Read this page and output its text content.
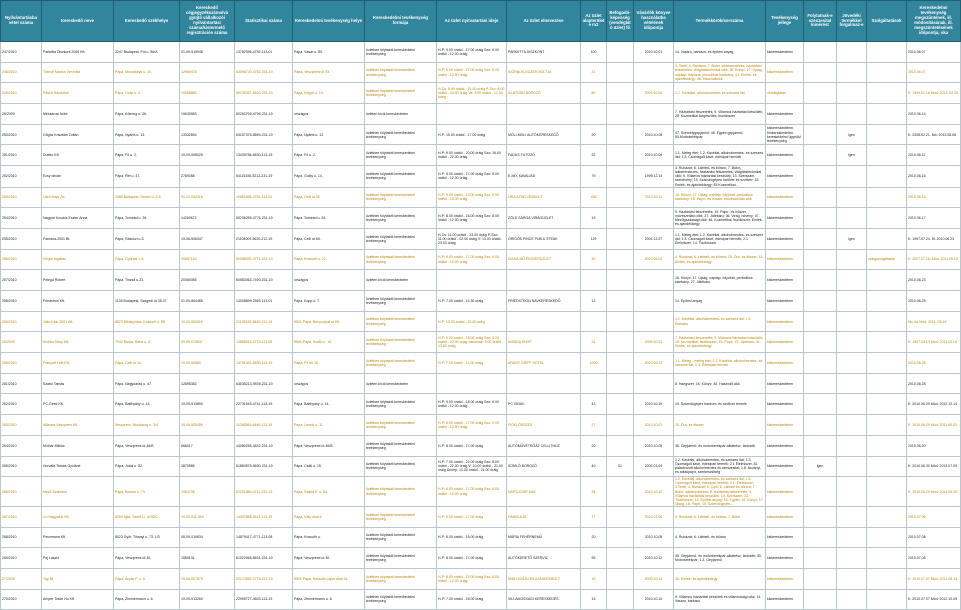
Nyilvántartásba vétel száma	Kereskedő neve	Kereskedő székhelye	Kereskedő cégjegyzékszáma/vá gyüjtő vállalkozói nyilvántartási száma/kistermelő regisztrációs száma	Statisztikai száma	Kereskedelmi tevékenység helye	Kereskedelmi tevékenység formája	Az üzlet nyitvatartási ideje	Az üzlet elnevezése	Az üzlet alapterülete m2	Befogadó-képesség (vendéglátó üzlet) fő	Vásárlók könyve használatba vételének időpontja	Termékkörök/sorszáma	Tevékenység jellege	Folytatnak-e szeszesital kimérést	Jövedéki termékkel forgalmaz-e	Szolgáltatások	Kereskedelmi tevékenység megszűntének, ill. módosításának, ill. megszüntetésének időpontja, oka
247/2010	Parketta Diszkont 2006 Kft.	3247 Budapest, Fót u. 56/A	01-09-915948	13782096-4752-113-01	Pápa, Vásár u. 80.	üzletben folytatott kereskedelmi tevékenység	H-P: 9.00 órától - 17.00 óráig Szo: 9.00 órától - 12.00 óráig	PARKETTA DISZKONT	100		2010.10.01	14. Vasáru, barkács, és építési anyag	kiskereskedelem				2010.06.07
248/2010	Tóthné Marton Veronika	Pápa, Mosoddnai u. 10.	12969478	63096720-4752-231-19	Pápa, Veszprémi út 53.	üzletben folytatott kereskedelmi tevékenység	H-P: 9.00 órától - 17.00 óráig Szo: 8.00 órától - 12.00 óráig	IDŐRBOX-EGZER BOLTJA	31			3. Textil; 4. Ruházat; 7. Bútor, lakberendezés, háztartási felszerelés, világítástechnikai cikk; 16. Könyv; 17. Újság, napilap, folyóirat, periodikus kiadvány; 41. Emlék- és ajándéktárgy; 46. Használtcikk	kiskereskedelem				2010.06.07
249/2010	Pásztr Sándorné	Pápa, Golic u. 4.	15066883	60235357-5630-231-19	Pápa, Kégyé u. 19.	üzletben folytatott kereskedelmi tevékenység	H-Cs: 8.00 órától - 21.00 óráig P-Szo: 8.00 órától - 24.00 óráig Va: 9.00 órától - 12.00 óráig	ILLATOSN BOROZÓ	80		2009.10.06	1.2. Közétkel, alkoholmentes- és szeszes ital	vendéglátás				K: 1999.01.16 Mód: 2012. 02.29
25/2009	Mészárosi Nóra	Pápa, Kőmíng u. 26.	19639983	60263709-4799-231-19	országos	üzleten kívül kereskedelem						7. Háztartási felszerelés; 9. Villamos háztartási készülék; 28. Kozmetikai kiegészítés, tisztítószer	kiskereskedelem				2010.06.14
250/2010	Gőgös Krisztián Zoltán	Pápa, Nyárfa u. 13.	13332894	63157376-8559-231-19	Pápa, Nyárfa u. 12.	üzletben folytatott kereskedelmi tevékenység	H-P: 15.00 órától - 17.00 óráig	MOLI-MOLI AUTÓKERESKEDŐ	20		2010.10.05	47. Személygépjármű; 48. Egyéb gépjármű; 50.Motorkerékpár;	kiskereskedelem, Kiskereskedelmi, kereskedelmi ügynöki tevékenység		igen		K: 2008.02.21. Mó: 2013.08.08
251/2010	Duetto Kft.	Pápa, Fő u. 2.	19-09-508025	13435756-5630-113-19	Pápa, Fő u. 2.	üzletben folytatott kereskedelmi tevékenység	H-P: 9.00 órától - 20.00 óráig Szo: 16.00 órától - 22.00 óráig	FADUS FILTOZÓ	32		2010.10.09	1.1. Meleg étel; 1.2. Kávéital, alkoholmentes- és szeszes ital; 1.3. Csomagolt kávé, édesipari termék	kiskereskedelem		igen		2010.06.11
252/2010	Ecsy István	Pápa, Rét u. 47.	2769058	54115156-5212-231-19	Pápa, Gulky u. 14.	üzletben folytatott kereskedelmi tevékenység	H-P: 9.00 órától - 17.00 óráig Szo: 8.00 órától - 12.00 óráig	E-MIX KAVALIÁD	79		1999.12.14	4. Ruházat; 6. Lábbeli- és bőráru; 7. Bútor, lakberendezés, háztartási felszerelés, világítástechnikai cikk; 9. Villamos háztartási készülék; 13. Szerszám, szerelvény; 19. Számítógépes hardver és szoftver; 43. Emlék- és ajándéktárgy; 45 Kozmetikai...	kiskereskedelem				2010.06.16
253/2010	Lila Könyv Zrt.	1086 Budapest, Deréki u. 4-8	01-10-042316	10851665-4761-114-01	Pápa, Celli út 35.	üzletben folytatott kereskedelmi tevékenység	H-P: 9.00 órától - 19.00 óráig Szo: 9.00 órától - 13.00 óráig	LÍRA KÖNYVESBOLT	436		2010.10.11	16. Könyv; 17. Újság, napilap, folyóirat, periodikus kiadvány; 18. Papír- és írószer, művészellátó cikk	kiskereskedelem				2010.06.16
254/2010	Nagyné Kovács Eszter Anna	Pápa, Tornetal u. 26.	14260672	65236259-4776-231-19	Pápa, Tornetal u. 26.	üzletben folytatott kereskedelmi tevékenység	H-P: 8.00 órától - 16.00 óráig Szo: 8.00 órától - 12.00 óráig	ZÖLD SÁRGA VIRÁGÜZLET	19			5. Háztartási felszerelés; 19. Papír- és írószer, művészellátó cikk; 27. Játékáru; 36. Virág, növény; 47. Mezőgazdasági cikk; 46. Kozmetikai, tisztítószer, Emlék- és ajándéktárgy	kiskereskedelem				2010.06.17
255/2010	Pamana-2001 Bt.	Pápa, Rákóczi u.3.	19-06-506347	21104009-5630-212-19	Pápa, Celli út 65.	üzletben folytatott kereskedelmi tevékenység	H-Cs: 11.00 órától - 23.00 óráig P-Szo: 11.00 órától - 02.00 óráig V: 13.00 órától - 23.00 óráig	ÓRIGÓS PINCE PUB & STEAK	129		2001.12.07	1.1. Meleg étel; 1.2. Kávéital, alkoholmentes- és szeszes ital; 1.3. Csomagolt kávé, édesipari termék; 2.1 Élelmiszer, 14. Tisztítószer	kiskereskedelem		igen		K: 1997.07.24. M: 2010.06.23
256/2010	Pelgal Ingatlan	Pápa, Győrfair u.5.	20657143	80098092-4771-231-19	Pápa, Kossuth u. 22.	üzletben folytatott kereskedelmi tevékenység	H-P: 9.00 órától - 17.00 óráig Szo: 9.00 órától - 12.00 óráig	DIANA MŰ ÉKSZERÜZLET	30		2010.06.02	4. Ruházat; 6. Lábbeli- és bőráru; 25. Óra- és ékszer; 41. Emlék- és ajándéktárgy	kiskereskedelem			zálogszolgáltatás	K: 2007.07.18. Mód: 2011.05.10
257/2010	Pelégó Róbert	Pápa, Tinzsa u.23.	20060085	60583063-7490-231-19	országos	üzleten kívül kereskedelem						16. Könyv; 17. Újság, napilap, folyóirat, periodikus kiadvány; 27. Játékáru	kiskereskedelem				2010.06.23
258/2010	Friedstron Kft.	1135 Budapest, Szegedi út 35-37	01-09-864485	14008899-2563-113-01	Pápa, Kopp u. 7.	üzletben folytatott kereskedelmi tevékenység	H-P: 7.00 órától - 14.30 óráig	FRIEDSTRON NAVKERESKEDŐ	12			14. Építési anyag	kiskereskedelem				2010.06.28
259/2010	Jákó Klub 2001 Kft.	8523 Mihályháza, Kossuth u. 86.	19-03-500516	21105195-5630-211-19	8531 Pápa, Bonyodpuli út 65.	üzletben folytatott kereskedelmi tevékenység	H-P: 10.00 órától - 22.00 óráig					1.2. Kávéital, alkoholmentes- és szeszes ital; 1.3. Édesáru	kiskereskedelem				Nu. da Mód: 2011. 05.19
26/2009	Andika Shop Kft.	7542 Bonta, Rába u. 5.	09-09-013637	14888516-4719-113-08	8500 Pápa, Szálló u. 15	üzletben folytatott kereskedelmi tevékenység	H-P: 9.00 órától - 18.00 óráig Szo: 9.00 órától - 20.00 óráig vasárnap: 9.00 órától - 13.00 óráig	ANDIKA SHOP	31		2009.10.01	7. Háztartási felszerelés; 9. Villamos háztartási készülék; 18. Kozmetikai, tisztítószer; 19. Papír; 27. Játékáru; 41. Emlék- és ajándéktárgy	kiskereskedelem				K: 1997.04.13 Mód: 2011.10.19
260/2010	Franyó8 Lele Kft.	Pápa, Celli út 34.	19-09-50889	13741452-8690-113-19	Pápa, Fő tér 15.	üzletben folytatott kereskedelmi tevékenység	H-P: 7.00 órától - 14.30 óráig	ARANY GRIFF HOTEL	1000		2010.06.22	1.1. Meleg - meleg étel; 1.2. Kávéital, alkoholmentes- és szeszes ital; 1.3. Édesipari termék	kiskereskedelem				2010.06.28
261/2010	Szabó Tamás	Pápa, Nagyoárad u. 47.	12895382	63035213-9539-231-19	országos	üzleten kívül kereskedelem						8. Hangszer; 16. Könyv; 40. Használt cikk	kiskereskedelem				2010.06.28
262/2010	PC-Geek Kft.	Pápa, Batthyány u. 14.	19-09-513890	22731943-4741-113-19	Pápa, Batthyány u. 14.	üzletben folytatott kereskedelmi tevékenység	H-P: 9.00 órától - 18.00 óráig Szo: 9.00 órától - 12.00 óráig	PC GEAK!	43		2010.10.19	19. Számítógépes hardver- és szoftver termék	kiskereskedelem				K: 2010.06.29 Mód: 2012.12.14
263/2010	Alliance-Veszprém Kft.	Veszprém, Munkácsy u. 3/4	19-09-505459	11048369-8490-113-19	Pápa, Lenzsi u. 11.	üzletben folytatott kereskedelmi tevékenység	H-P: 9.00 órától - 17.00 óráig Szo: 9.00 órától - 12.00 óráig	FIÓKI ÖSSZES	27		2010.10.01	15. Óra- és ékszer	kiskereskedelem				K: 2010.06.29 Mód: 2011.05.03
264/2010	Molnár Miklós	Pápa, Veszprémi út 46/B	666017	44080255-4532-231-19	Pápa, Veszprémi út 46/B	üzletben folytatott kereskedelmi tevékenység	H-P: 8.00 órától - 17.00 óráig	AUTÓMŰVÉTRÓÁZ CELLITHUZ	20		2010.10.05	45. Gépjármű- és motorkerékpár-alkatrész, tartozék	kiskereskedelem				2010.06.30
265/2010	Horváth Tamás Gyuláné	Pápa, Jókai u. 82.	2870586	61884578-5630-231-19	Pápa, Csáti u. 15.	üzletben folytatott kereskedelmi tevékenység	H-P: 7.00 órától - 22.00 óráig Szo: 8.00 órától - 22.00 óráig V: 10.00 órától - 21.00 óráig Ünnep: 10.00 órától - 21.00 óráig	SOMLÓ BOROZÓ	40	51	2002.01.04	1.2. Kávéital, alkoholmentes- és szeszes ital; 1.3. Csomagolt kávé, édesipari termék; 2.1 Élelmiszer, 81 palackozott alkoholmentes és szeszesital; 1.8. Ásványi- és ablakpapír, szerkesztőség	kiskereskedelem	igen			K: 2010.06.30 Mód: 2013.07.09
266/2010	Mező Szabolcs	Pápa, Bocsor u. 79.	1964708	61251880-4711-231-19	Pápa, Szabó E. u. 53.	üzletben folytatott kereskedelmi tevékenység	H-P: 8.00 órától - 17.00 óráig Szo: 6.00 órától - 12.00 óráig	NAPSUGÁR KAS	34		2010.10.10	1.2. Kávéital, alkoholmentes- és szeszes ital; 1.3. Csomagolt kávé, édesipari termék; 2.1. Élelmiszer; 3.Textil; 4. Ruházat; 5. Cipő; 6. Lábbeli és bőráru; 7. Bútor, lakberendezés; 8. Háztartási felszerelés; 9. Villamos háztartási készülék; 10. Szerszám; 13. Tisztítószer; 14. Építési anyag; 15. Egyéb; 16. Könyv; 17. Újság; 18. Papír; 19. Számítógépes...	kiskereskedelem				K: 2010.06.29 Mód: 2014.06.02
267/2010	Co Hagyatuk Kft.	8300 Ajka, Szent U. út 59/C	19-09-511-954	14497858-4511-113-19	Pápa, Vály utca 4.	üzletben folytatott kereskedelmi tevékenység	H-P: 9.00 órától - 17.00 óráig	HANGULAT	17		2010.07.06	4. Ruházat; 6. Lábbeli- és bőráru; 7. Bútor	kiskereskedelem				2010.07.06
268/2010	Penzmana Kft.	8023 Győr, Tihanyi u. 73. 1/3	08-09-019634	14879417-4771-113-08	Pápa, Kossuth u.	üzletben folytatott kereskedelmi tevékenység	H-P: 8.00 órától - 16.00 óráig	MÁRIA FEHÉRNEMŰ	20		2010.10.08	4. Ruházat; 6. Lábbeli- és bőráru	kiskereskedelem				2010.07.08
269/2010	Pej László	Pápa, Veszprémi út 30.	1559131	61022946-8531-231-19	Pápa, Veszprémi út 30.	üzletben folytatott kereskedelmi tevékenység	H-P: 8.00 órától - 17.00 óráig	AUTÓKERETŐ SZERVIZ	55		2010.10.12	45. Gépjármű- és motorkerékpár-alkatrész, tartozék; 50. Motorkerékpár; 1.2. Gépjármű	kiskereskedelem				2010.07.08
27/2009	Tígi Bt.	Pápa, Árpás F. u. 5.	19-06-507879	22123562-4778-212-19	8500 Pápa, Kossuth Lajos utca 15.	üzletben folytatott kereskedelmi tevékenység	H-P: 8.00 órától - 12.00 óráig Szo: 8.00 órától - 12.00 óráig	MINI DIZÁJN ÉS AJÁNDÉKBOLT	19		2009.10.14	45. Emlék- és ajándéktárgy	kiskereskedelem				K: 2010.07.07 Mód: 2012.08.14
270/2010	Amper Trade Hu Kft.	Pápa, Zimmermann u. 6.	19-09-513260	22959727-4643-113-19	Pápa, Zimmermann u. 6.	üzletben folytatott kereskedelmi tevékenység	H-P: 7.00 órától - 16.00 óráig	VILLAMOSSÁGI KERESKEDÉS	15		2010.10.14	9. Villamos háztartási készülék és villamossági cikk; 14. Vasáru, barkács	kiskereskedelem				K: 2010.07.07 Mód: 2012.10.09
